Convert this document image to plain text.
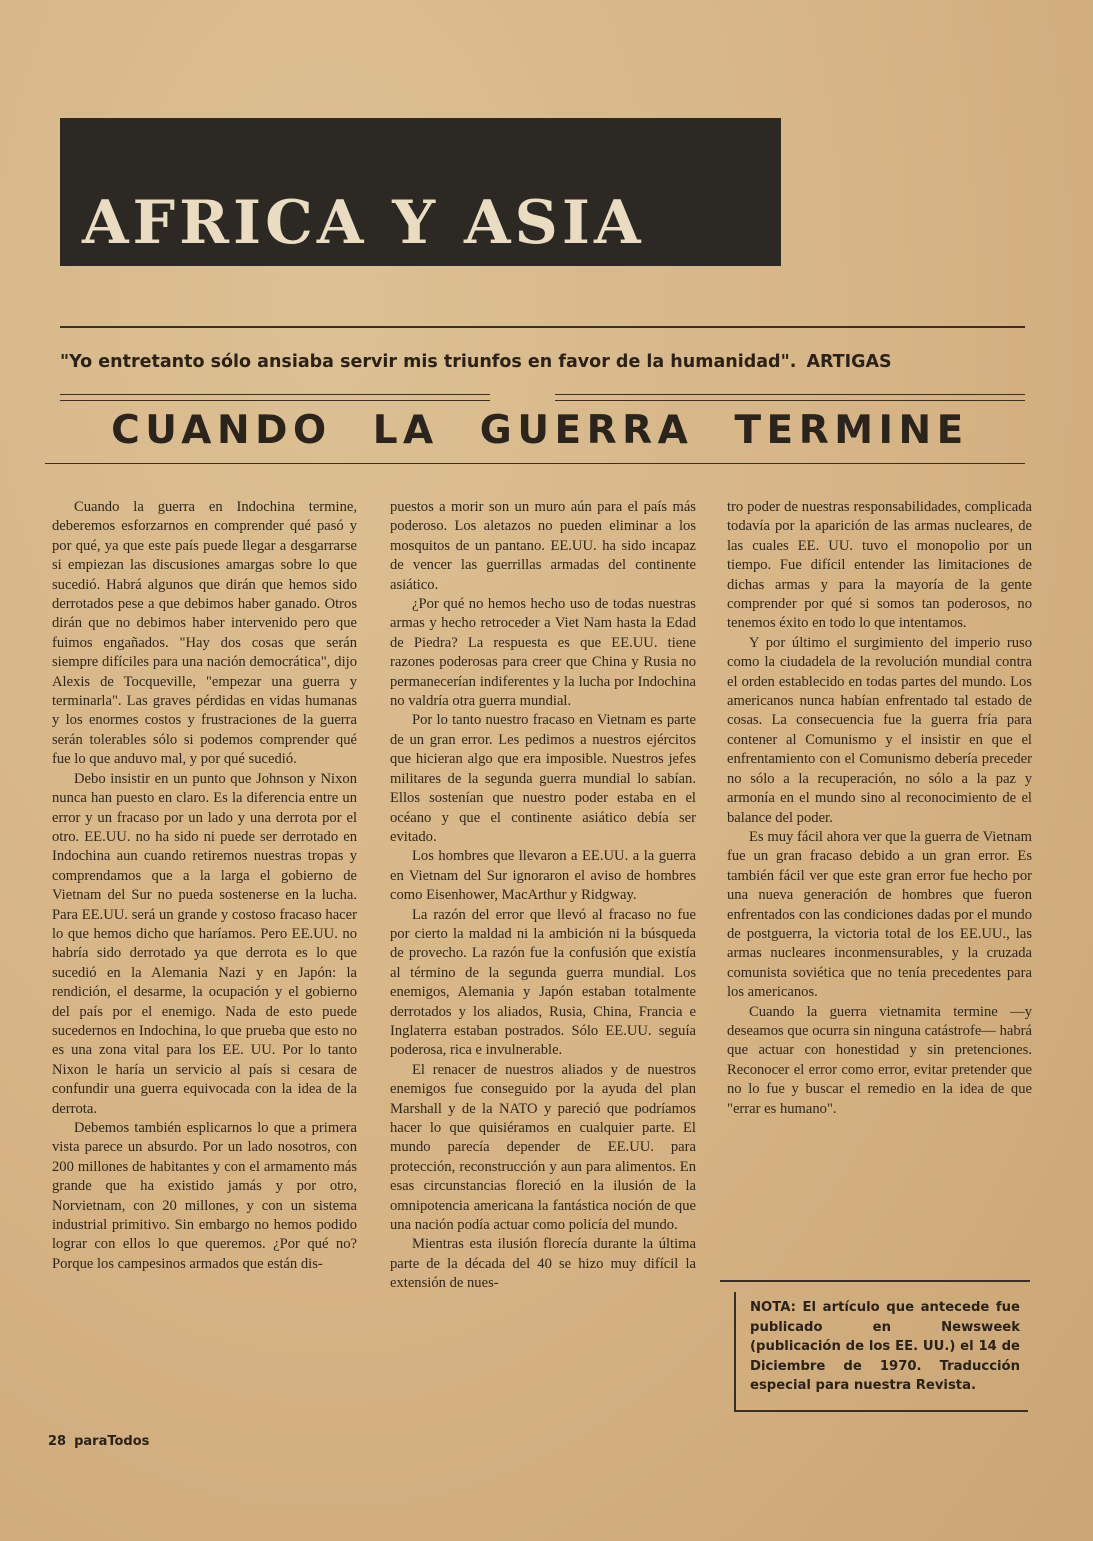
AFRICA Y ASIA

"Yo entretanto sólo ansiaba servir mis triunfos en favor de la humanidad". ARTIGAS

CUANDO LA GUERRA TERMINE

Cuando la guerra en Indochina termine, deberemos esforzarnos en comprender qué pasó y por qué, ya que este país puede llegar a desgarrarse si empiezan las discusiones amargas sobre lo que sucedió. Habrá algunos que dirán que hemos sido derrotados pese a que debimos haber ganado. Otros dirán que no debimos haber intervenido pero que fuimos engañados. "Hay dos cosas que serán siempre difíciles para una nación democrática", dijo Alexis de Tocqueville, "empezar una guerra y terminarla". Las graves pérdidas en vidas humanas y los enormes costos y frustraciones de la guerra serán tolerables sólo si podemos comprender qué fue lo que anduvo mal, y por qué sucedió.

Debo insistir en un punto que Johnson y Nixon nunca han puesto en claro. Es la diferencia entre un error y un fracaso por un lado y una derrota por el otro. EE.UU. no ha sido ni puede ser derrotado en Indochina aun cuando retiremos nuestras tropas y comprendamos que a la larga el gobierno de Vietnam del Sur no pueda sostenerse en la lucha. Para EE.UU. será un grande y costoso fracaso hacer lo que hemos dicho que haríamos. Pero EE.UU. no habría sido derrotado ya que derrota es lo que sucedió en la Alemania Nazi y en Japón: la rendición, el desarme, la ocupación y el gobierno del país por el enemigo. Nada de esto puede sucedernos en Indochina, lo que prueba que esto no es una zona vital para los EE. UU. Por lo tanto Nixon le haría un servicio al país si cesara de confundir una guerra equivocada con la idea de la derrota.

Debemos también esplicarnos lo que a primera vista parece un absurdo. Por un lado nosotros, con 200 millones de habitantes y con el armamento más grande que ha existido jamás y por otro, Norvietnam, con 20 millones, y con un sistema industrial primitivo. Sin embargo no hemos podido lograr con ellos lo que queremos. ¿Por qué no? Porque los campesinos armados que están dis-

puestos a morir son un muro aún para el país más poderoso. Los aletazos no pueden eliminar a los mosquitos de un pantano. EE.UU. ha sido incapaz de vencer las guerrillas armadas del continente asiático.

¿Por qué no hemos hecho uso de todas nuestras armas y hecho retroceder a Viet Nam hasta la Edad de Piedra? La respuesta es que EE.UU. tiene razones poderosas para creer que China y Rusia no permanecerían indiferentes y la lucha por Indochina no valdría otra guerra mundial.

Por lo tanto nuestro fracaso en Vietnam es parte de un gran error. Les pedimos a nuestros ejércitos que hicieran algo que era imposible. Nuestros jefes militares de la segunda guerra mundial lo sabían. Ellos sostenían que nuestro poder estaba en el océano y que el continente asiático debía ser evitado.

Los hombres que llevaron a EE.UU. a la guerra en Vietnam del Sur ignoraron el aviso de hombres como Eisenhower, MacArthur y Ridgway.

La razón del error que llevó al fracaso no fue por cierto la maldad ni la ambición ni la búsqueda de provecho. La razón fue la confusión que existía al término de la segunda guerra mundial. Los enemigos, Alemania y Japón estaban totalmente derrotados y los aliados, Rusia, China, Francia e Inglaterra estaban postrados. Sólo EE.UU. seguía poderosa, rica e invulnerable.

El renacer de nuestros aliados y de nuestros enemigos fue conseguido por la ayuda del plan Marshall y de la NATO y pareció que podríamos hacer lo que quisiéramos en cualquier parte. El mundo parecía depender de EE.UU. para protección, reconstrucción y aun para alimentos. En esas circunstancias floreció en la ilusión de la omnipotencia americana la fantástica noción de que una nación podía actuar como policía del mundo.

Mientras esta ilusión florecía durante la última parte de la década del 40 se hizo muy difícil la extensión de nues-

tro poder de nuestras responsabilidades, complicada todavía por la aparición de las armas nucleares, de las cuales EE. UU. tuvo el monopolio por un tiempo. Fue difícil entender las limitaciones de dichas armas y para la mayoría de la gente comprender por qué si somos tan poderosos, no tenemos éxito en todo lo que intentamos.

Y por último el surgimiento del imperio ruso como la ciudadela de la revolución mundial contra el orden establecido en todas partes del mundo. Los americanos nunca habían enfrentado tal estado de cosas. La consecuencia fue la guerra fría para contener al Comunismo y el insistir en que el enfrentamiento con el Comunismo debería preceder no sólo a la recuperación, no sólo a la paz y armonía en el mundo sino al reconocimiento de el balance del poder.

Es muy fácil ahora ver que la guerra de Vietnam fue un gran fracaso debido a un gran error. Es también fácil ver que este gran error fue hecho por una nueva generación de hombres que fueron enfrentados con las condiciones dadas por el mundo de postguerra, la victoria total de los EE.UU., las armas nucleares inconmensurables, y la cruzada comunista soviética que no tenía precedentes para los americanos.

Cuando la guerra vietnamita termine —y deseamos que ocurra sin ninguna catástrofe— habrá que actuar con honestidad y sin pretenciones. Reconocer el error como error, evitar pretender que no lo fue y buscar el remedio en la idea de que "errar es humano".

NOTA: El artículo que antecede fue publicado en Newsweek (publicación de los EE. UU.) el 14 de Diciembre de 1970. Traducción especial para nuestra Revista.

28 paraTodos
